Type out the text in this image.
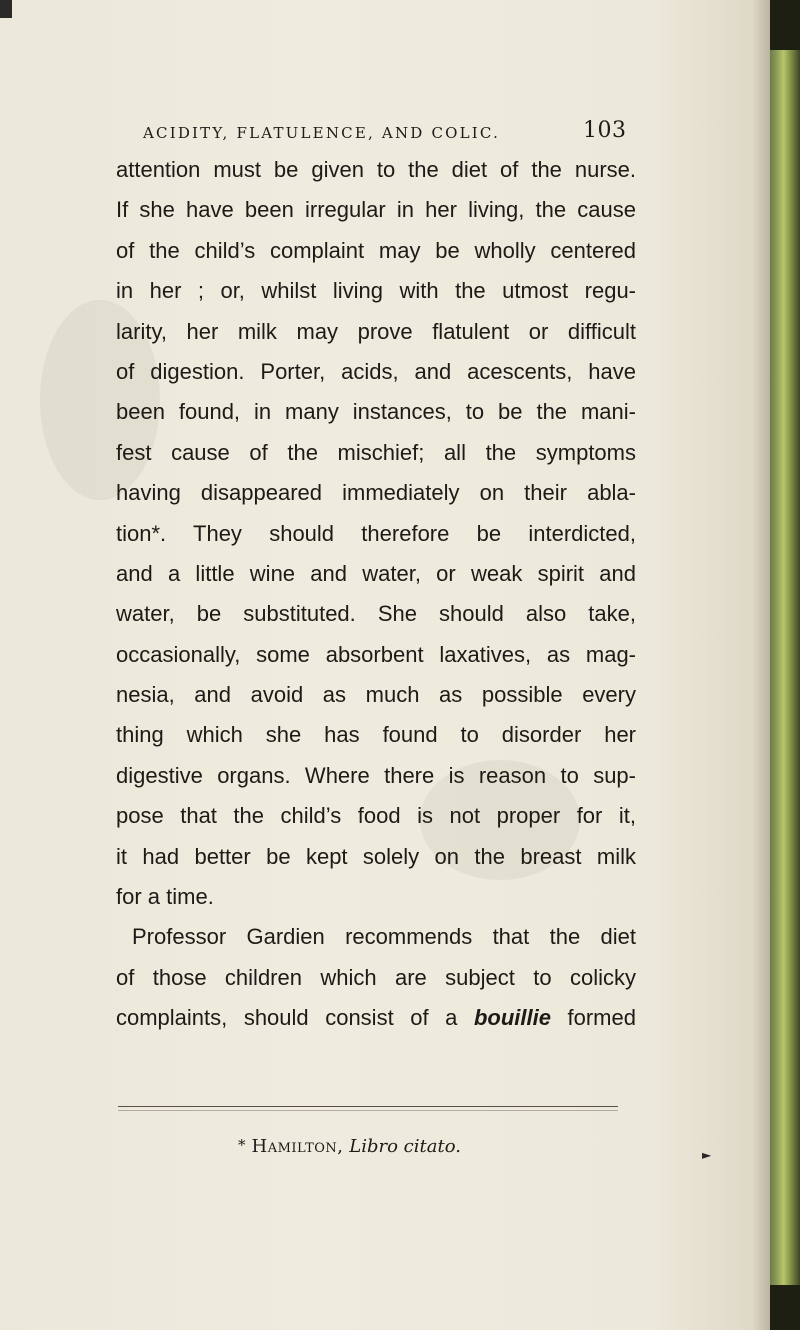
ACIDITY, FLATULENCE, AND COLIC.	103
attention must be given to the diet of the nurse.
If she have been irregular in her living, the cause
of the child’s complaint may be wholly centered
in her ; or, whilst living with the utmost regu-
larity, her milk may prove flatulent or difficult
of digestion. Porter, acids, and acescents, have
been found, in many instances, to be the mani-
fest cause of the mischief; all the symptoms
having disappeared immediately on their abla-
tion*. They should therefore be interdicted,
and a little wine and water, or weak spirit and
water, be substituted. She should also take,
occasionally, some absorbent laxatives, as mag-
nesia, and avoid as much as possible every
thing which she has found to disorder her
digestive organs. Where there is reason to sup-
pose that the child’s food is not proper for it,
it had better be kept solely on the breast milk
for a time.
Professor Gardien recommends that the diet
of those children which are subject to colicky
complaints, should consist of a bouillie formed
* Hamilton, Libro citato.	►
